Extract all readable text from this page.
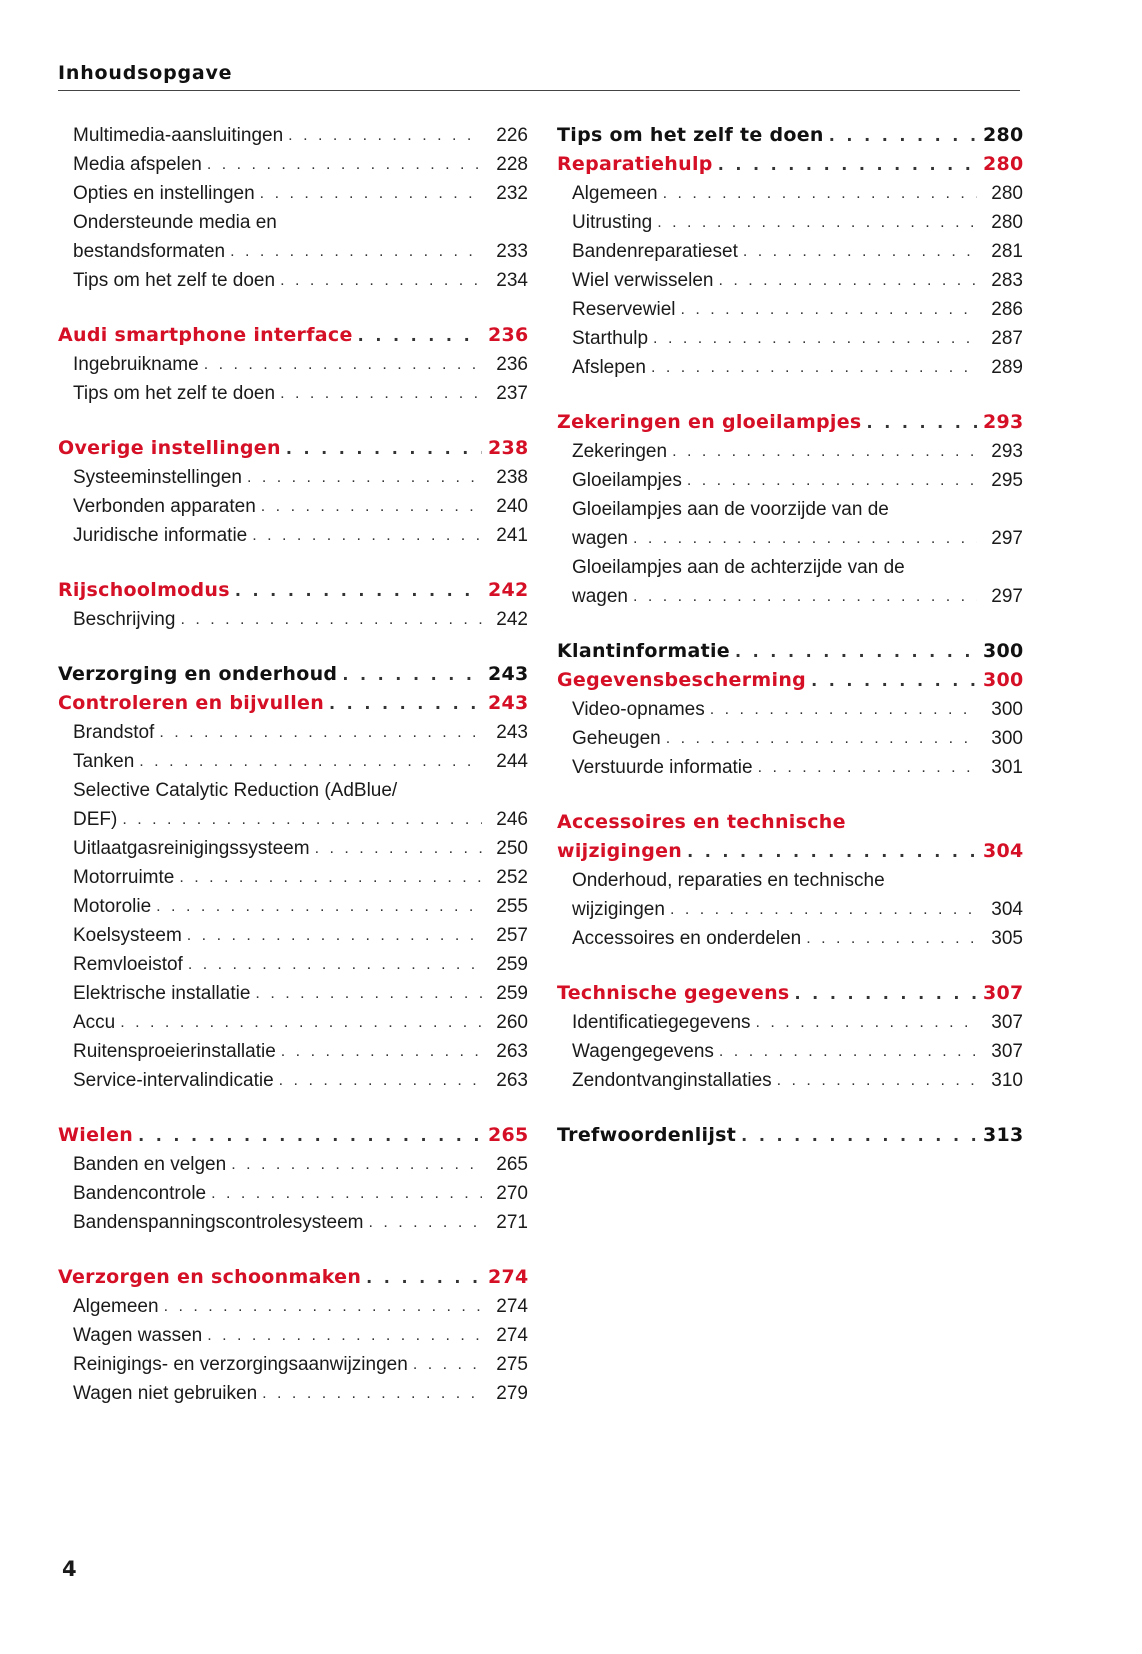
Inhoudsopgave
Multimedia-aansluitingen . . .	226
Media afspelen . . .	228
Opties en instellingen . . .	232
Ondersteunde media en
bestandsformaten . . .	233
Tips om het zelf te doen . . .	234
Audi smartphone interface . . .	236
Ingebruikname . . .	236
Tips om het zelf te doen . . .	237
Overige instellingen . . .	238
Systeeminstellingen . . .	238
Verbonden apparaten . . .	240
Juridische informatie . . .	241
Rijschoolmodus . . .	242
Beschrijving . . .	242
Verzorging en onderhoud . . .	243
Controleren en bijvullen . . .	243
Brandstof . . .	243
Tanken . . .	244
Selective Catalytic Reduction (AdBlue/
DEF) . . .	246
Uitlaatgasreinigingssysteem . . .	250
Motorruimte . . .	252
Motorolie . . .	255
Koelsysteem . . .	257
Remvloeistof . . .	259
Elektrische installatie . . .	259
Accu . . .	260
Ruitensproeierinstallatie . . .	263
Service-intervalindicatie . . .	263
Wielen . . .	265
Banden en velgen . . .	265
Bandencontrole . . .	270
Bandenspanningscontrolesysteem . . .	271
Verzorgen en schoonmaken . . .	274
Algemeen . . .	274
Wagen wassen . . .	274
Reinigings- en verzorgingsaanwijzingen . . .	275
Wagen niet gebruiken . . .	279
Tips om het zelf te doen . . .	280
Reparatiehulp . . .	280
Algemeen . . .	280
Uitrusting . . .	280
Bandenreparatieset . . .	281
Wiel verwisselen . . .	283
Reservewiel . . .	286
Starthulp . . .	287
Afslepen . . .	289
Zekeringen en gloeilampjes . . .	293
Zekeringen . . .	293
Gloeilampjes . . .	295
Gloeilampjes aan de voorzijde van de
wagen . . .	297
Gloeilampjes aan de achterzijde van de
wagen . . .	297
Klantinformatie . . .	300
Gegevensbescherming . . .	300
Video-opnames . . .	300
Geheugen . . .	300
Verstuurde informatie . . .	301
Accessoires en technische
wijzigingen . . .	304
Onderhoud, reparaties en technische
wijzigingen . . .	304
Accessoires en onderdelen . . .	305
Technische gegevens . . .	307
Identificatiegegevens . . .	307
Wagengegevens . . .	307
Zendontvanginstallaties . . .	310
Trefwoordenlijst . . .	313
4
